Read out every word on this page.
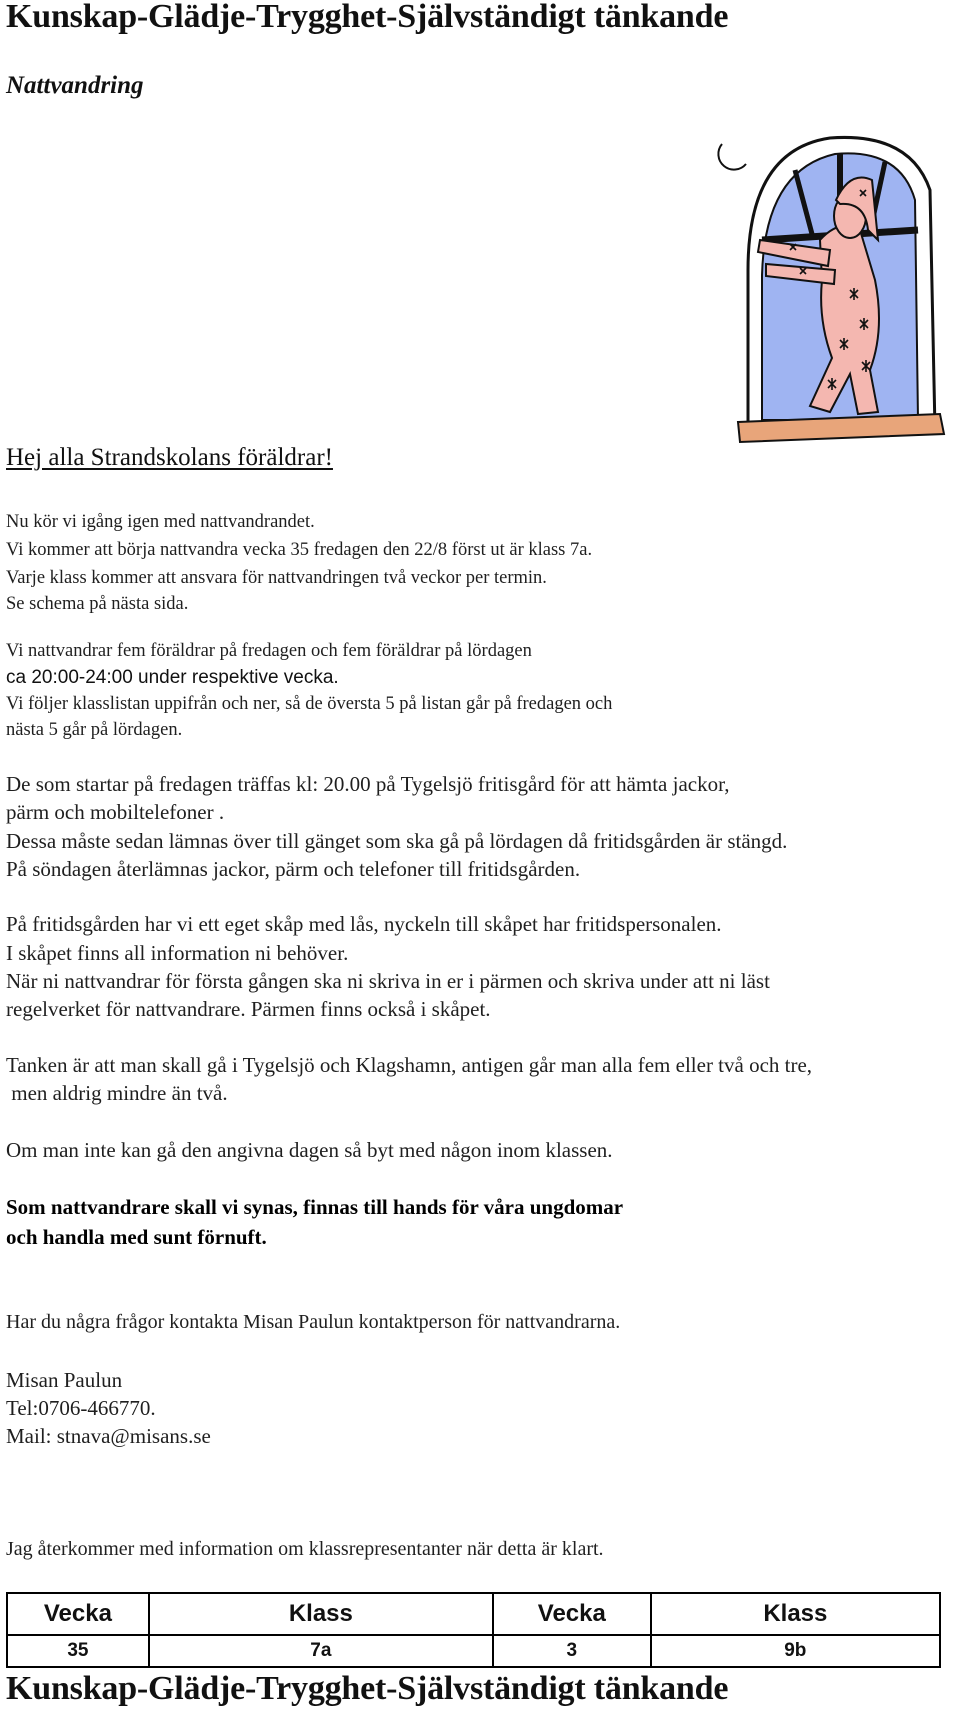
Kunskap-Glädje-Trygghet-Självständigt tänkande
Nattvandring
Hej alla Strandskolans föräldrar!
Nu kör vi igång igen med nattvandrandet.
Vi kommer att börja nattvandra vecka 35 fredagen den 22/8 först ut är klass 7a.
Varje klass kommer att ansvara för nattvandringen två veckor per termin.
Se schema på nästa sida.
Vi nattvandrar fem föräldrar på fredagen och fem föräldrar på lördagen
ca 20:00-24:00 under respektive vecka.
Vi följer klasslistan uppifrån och ner, så de översta 5 på listan går på fredagen och
nästa 5 går på lördagen.
De som startar på fredagen träffas kl: 20.00 på Tygelsjö fritisgård för att hämta jackor,
pärm och mobiltelefoner .
Dessa måste sedan lämnas över till gänget som ska gå på lördagen då fritidsgården är stängd.
På söndagen återlämnas jackor, pärm och telefoner till fritidsgården.
På fritidsgården har vi ett eget skåp med lås, nyckeln till skåpet har fritidspersonalen.
I skåpet finns all information ni behöver.
När ni nattvandrar för första gången ska ni skriva in er i pärmen och skriva under att ni läst
regelverket för nattvandrare. Pärmen finns också i skåpet.
Tanken är att man skall gå i Tygelsjö och Klagshamn, antigen går man alla fem eller två och tre,
men aldrig mindre än två.
Om man inte kan gå den angivna dagen så byt med någon inom klassen.
Som nattvandrare skall vi synas, finnas till hands för våra ungdomar
och handla med sunt förnuft.
Har du några frågor kontakta Misan Paulun kontaktperson för nattvandrarna.
Misan Paulun
Tel:0706-466770.
Mail: stnava@misans.se
Jag återkommer med information om klassrepresentanter när detta är klart.
Vecka	Klass	Vecka	Klass
35	7a	3	9b
Kunskap-Glädje-Trygghet-Självständigt tänkande
